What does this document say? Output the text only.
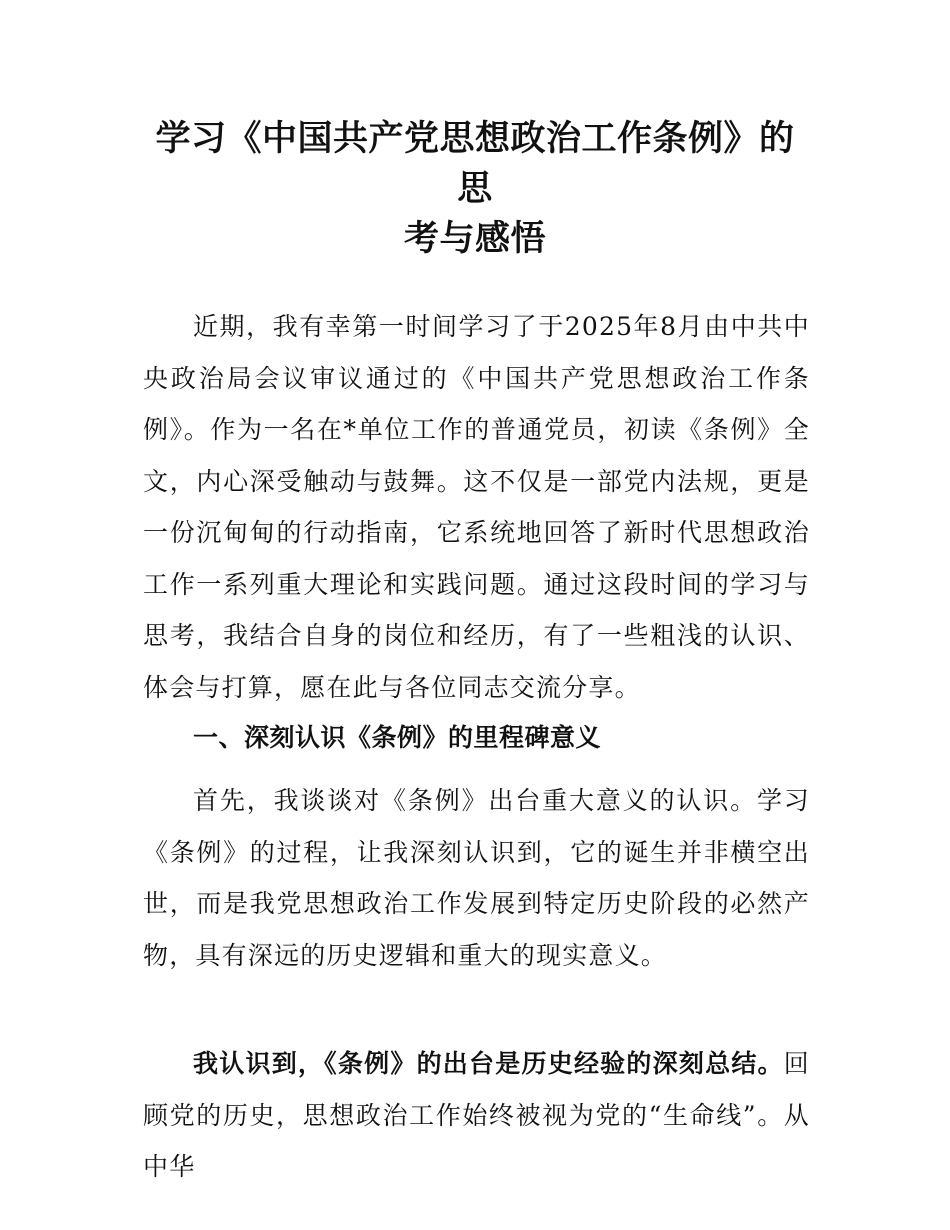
学习《中国共产党思想政治工作条例》的思
考与感悟

近期，我有幸第一时间学习了于2025年8月由中共中央政治局会议审议通过的《中国共产党思想政治工作条例》。作为一名在*单位工作的普通党员，初读《条例》全文，内心深受触动与鼓舞。这不仅是一部党内法规，更是一份沉甸甸的行动指南，它系统地回答了新时代思想政治工作一系列重大理论和实践问题。通过这段时间的学习与思考，我结合自身的岗位和经历，有了一些粗浅的认识、体会与打算，愿在此与各位同志交流分享。

一、深刻认识《条例》的里程碑意义

首先，我谈谈对《条例》出台重大意义的认识。学习《条例》的过程，让我深刻认识到，它的诞生并非横空出世，而是我党思想政治工作发展到特定历史阶段的必然产物，具有深远的历史逻辑和重大的现实意义。

我认识到，《条例》的出台是历史经验的深刻总结。回顾党的历史，思想政治工作始终被视为党的“生命线”。从中华
